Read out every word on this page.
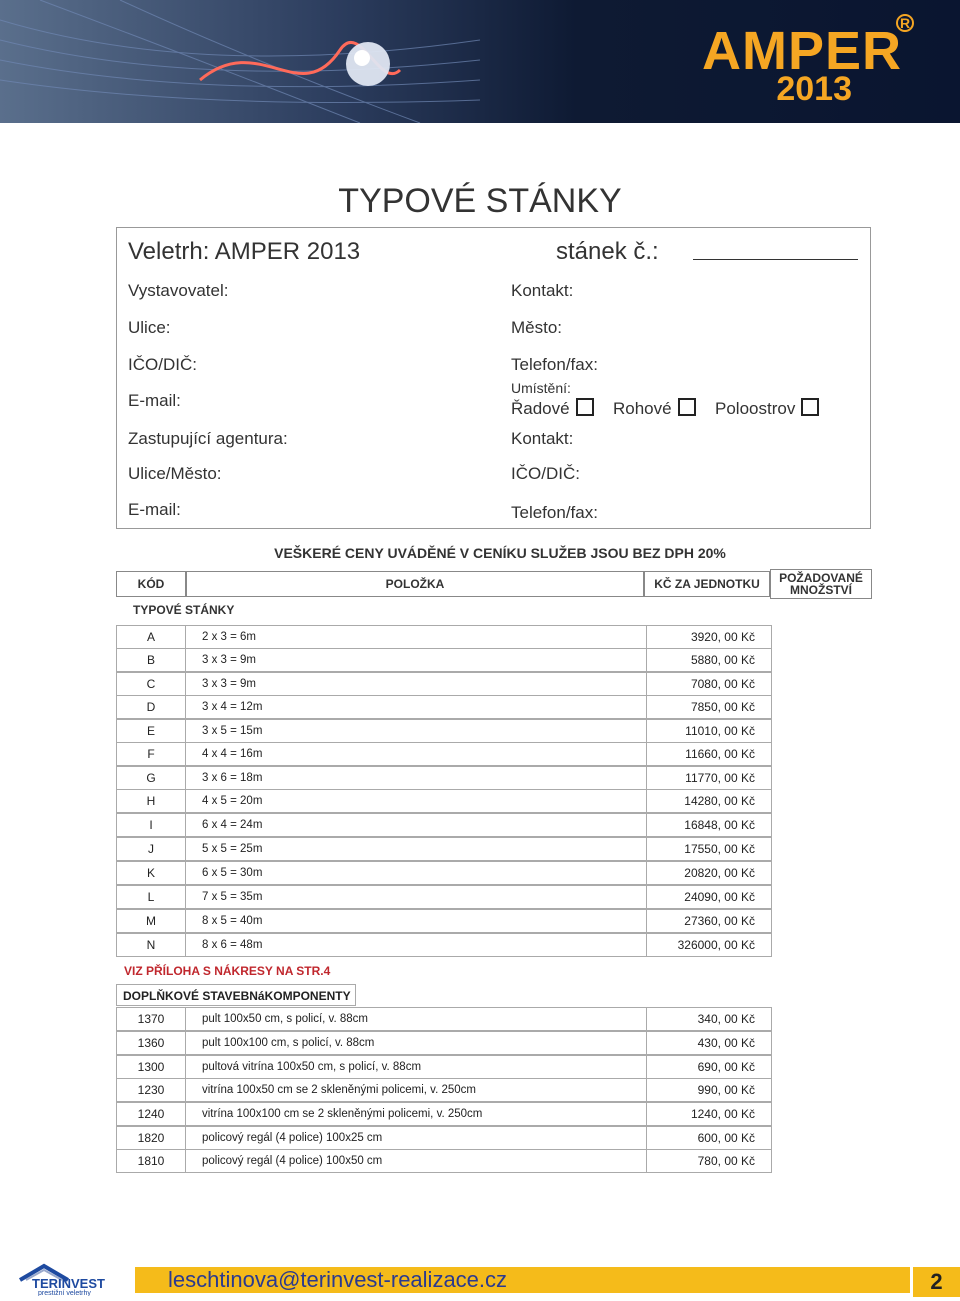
AMPER
R
2013
TYPOVÉ STÁNKY
Veletrh: AMPER 2013	stánek č.:
Vystavovatel:	Kontakt:
Ulice:	Město:
IČO/DIČ:	Telefon/fax:
E-mail:
Umístění:
Řadové	Rohové	Poloostrov
Zastupující agentura:	Kontakt:
Ulice/Město:	IČO/DIČ:
E-mail:	Telefon/fax:
VEŠKERÉ CENY UVÁDĚNÉ V CENÍKU SLUŽEB JSOU BEZ DPH 20%
KÓD	POLOŽKA	KČ ZA JEDNOTKU	POŽADOVANÉ
MNOŽSTVÍ
TYPOVÉ STÁNKY
A	2 x 3 = 6m	3920, 00 Kč
B	3 x 3 = 9m	5880, 00 Kč
C	3 x 3 = 9m	7080, 00 Kč
D	3 x 4 = 12m	7850, 00 Kč
E	3 x 5 = 15m	11010, 00 Kč
F	4 x 4 = 16m	11660, 00 Kč
G	3 x 6 = 18m	11770, 00 Kč
H	4 x 5 = 20m	14280, 00 Kč
I	6 x 4 = 24m	16848, 00 Kč
J	5 x 5 = 25m	17550, 00 Kč
K	6 x 5 = 30m	20820, 00 Kč
L	7 x 5 = 35m	24090, 00 Kč
M	8 x 5 = 40m	27360, 00 Kč
N	8 x 6 = 48m	326000, 00 Kč
VIZ PŘÍLOHA S NÁKRESY NA STR.4
DOPLŇKOVÉ STAVEBNáKOMPONENTY
1370	pult 100x50 cm, s policí, v. 88cm	340, 00 Kč
1360	pult 100x100 cm, s policí, v. 88cm	430, 00 Kč
1300	pultová vitrína 100x50 cm, s policí, v. 88cm	690, 00 Kč
1230	vitrína 100x50 cm se 2 skleněnými policemi, v. 250cm	990, 00 Kč
1240	vitrína 100x100 cm se 2 skleněnými policemi, v. 250cm	1240, 00 Kč
1820	policový regál (4 police) 100x25 cm	600, 00 Kč
1810	policový regál (4 police) 100x50 cm	780, 00 Kč
TERINVEST
prestižní veletrhy
leschtinova@terinvest-realizace.cz	2
